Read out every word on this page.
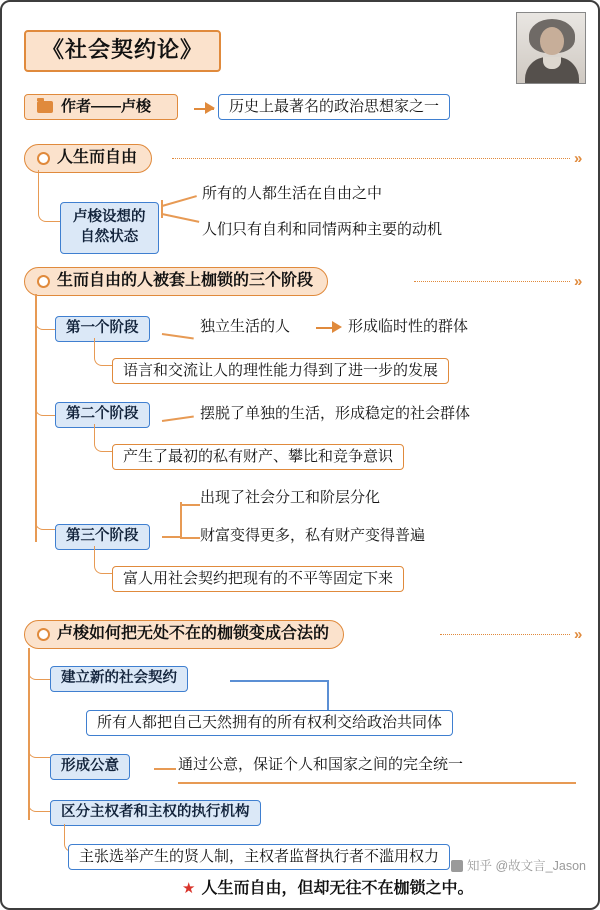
《社会契约论》
作者——卢梭	历史上最著名的政治思想家之一
人生而自由	»
卢梭设想的
自然状态
所有的人都生活在自由之中
人们只有自利和同情两种主要的动机
生而自由的人被套上枷锁的三个阶段	»
第一个阶段	独立生活的人	形成临时性的群体
语言和交流让人的理性能力得到了进一步的发展
第二个阶段	摆脱了单独的生活，形成稳定的社会群体
产生了最初的私有财产、攀比和竞争意识
第三个阶段
出现了社会分工和阶层分化
财富变得更多，私有财产变得普遍
富人用社会契约把现有的不平等固定下来
卢梭如何把无处不在的枷锁变成合法的	»
建立新的社会契约
所有人都把自己天然拥有的所有权利交给政治共同体
形成公意	通过公意，保证个人和国家之间的完全统一
区分主权者和主权的执行机构
主张选举产生的贤人制，主权者监督执行者不滥用权力
知乎 @故文言_Jason
★ 人生而自由，但却无往不在枷锁之中。
